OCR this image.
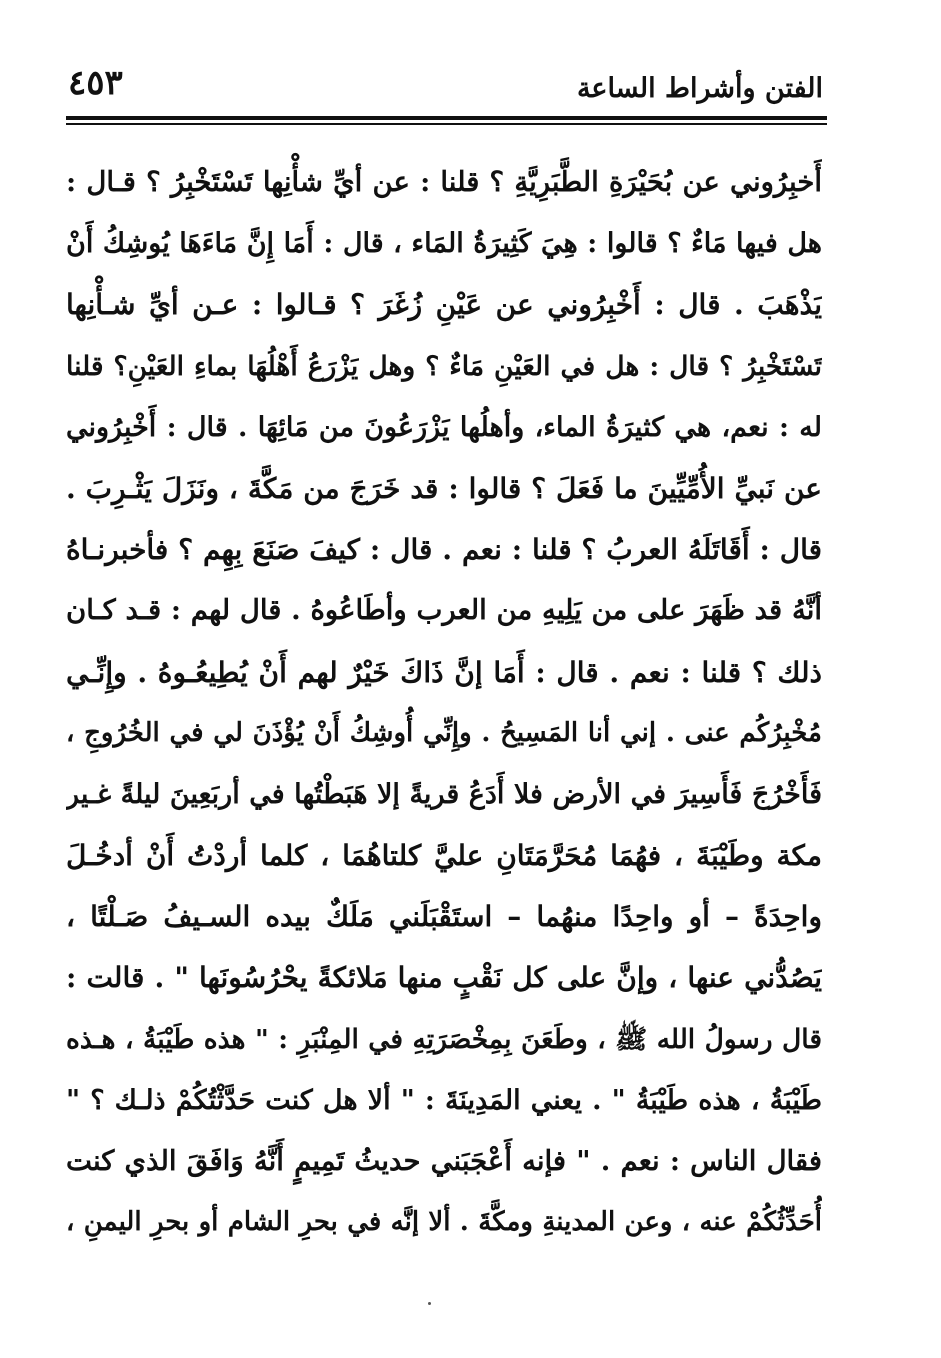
الفتن وأشراط الساعة
٤٥٣
أَخبِرُوني عن بُحَيْرَةِ الطَّبَرِيَّةِ ؟ قلنا : عن أيِّ شأْنِها تَسْتَخْبِرُ ؟ قـال :
هل فيها مَاءٌ ؟ قالوا : هِيَ كَثِيرَةُ المَاء ، قال : أَمَا إِنَّ مَاءَهَا يُوشِكُ أَنْ
يَذْهَبَ . قال : أَخْبِرُوني عن عَيْنِ زُغَرَ ؟ قـالوا : عـن أيِّ شـأْنِها
تَسْتَخْبِرُ ؟ قال : هل في العَيْنِ مَاءٌ ؟ وهل يَزْرَعُ أَهْلُهَا بماءِ العَيْنِ؟ قلنا
له : نعم، هي كثيرَةُ الماء، وأهلُها يَزْرَعُونَ من مَائِهَا . قال : أَخْبِرُوني
عن نَبيِّ الأُمِّيِّينَ ما فَعَلَ ؟ قالوا : قد خَرَجَ من مَكَّةَ ، ونَزَلَ يَثْـرِبَ .
قال : أَقَاتَلَهُ العربُ ؟ قلنا : نعم . قال : كيفَ صَنَعَ بِهِم ؟ فأخبرنـاهُ
أنَّهُ قد ظَهَرَ على من يَلِيهِ من العرب وأطَاعُوهُ . قال لهم : قـد كـان
ذلك ؟ قلنا : نعم . قال : أَمَا إنَّ ذَاكَ خَيْرٌ لهم أَنْ يُطِيعُـوهُ . وإِنِّـي
مُخْبِرُكُم عنى . إني أنا المَسِيحُ . وإِنِّي أُوشِكُ أَنْ يُؤْذَنَ لي في الخُرُوجِ ،
فَأَخْرُجَ فَأَسِيرَ في الأرض فلا أَدَعُ قريةً إلا هَبَطْتُها في أربَعِينَ ليلةً غـير
مكة وطَيْبَةَ ، فهُمَا مُحَرَّمَتَانِ عليَّ كلتاهُمَا ، كلما أردْتُ أَنْ أدخُـلَ
واحِدَةً – أو واحِدًا منهُما – استَقْبَلَني مَلَكٌ بيده السـيفُ صَـلْتًا ،
يَصُدُّني عنها ، وإنَّ على كل نَقْبٍ منها مَلائكةً يحْرُسُونَها " . قالت :
قال رسولُ الله ﷺ ، وطَعَنَ بِمِخْصَرَتِهِ في المِنْبَرِ : " هذه طَيْبَةُ ، هـذه
طَيْبَةُ ، هذه طَيْبَةُ " . يعني المَدِينَةَ : " ألا هل كنت حَدَّثْتُكُمْ ذلـك ؟ "
فقال الناس : نعم . " فإنه أَعْجَبَني حديثُ تَمِيمٍ أَنَّهُ وَافَقَ الذي كنت
أُحَدِّثُكُمْ عنه ، وعن المدينةِ ومكَّةَ . ألا إنَّه في بحرِ الشام أو بحرِ اليمنِ ،
